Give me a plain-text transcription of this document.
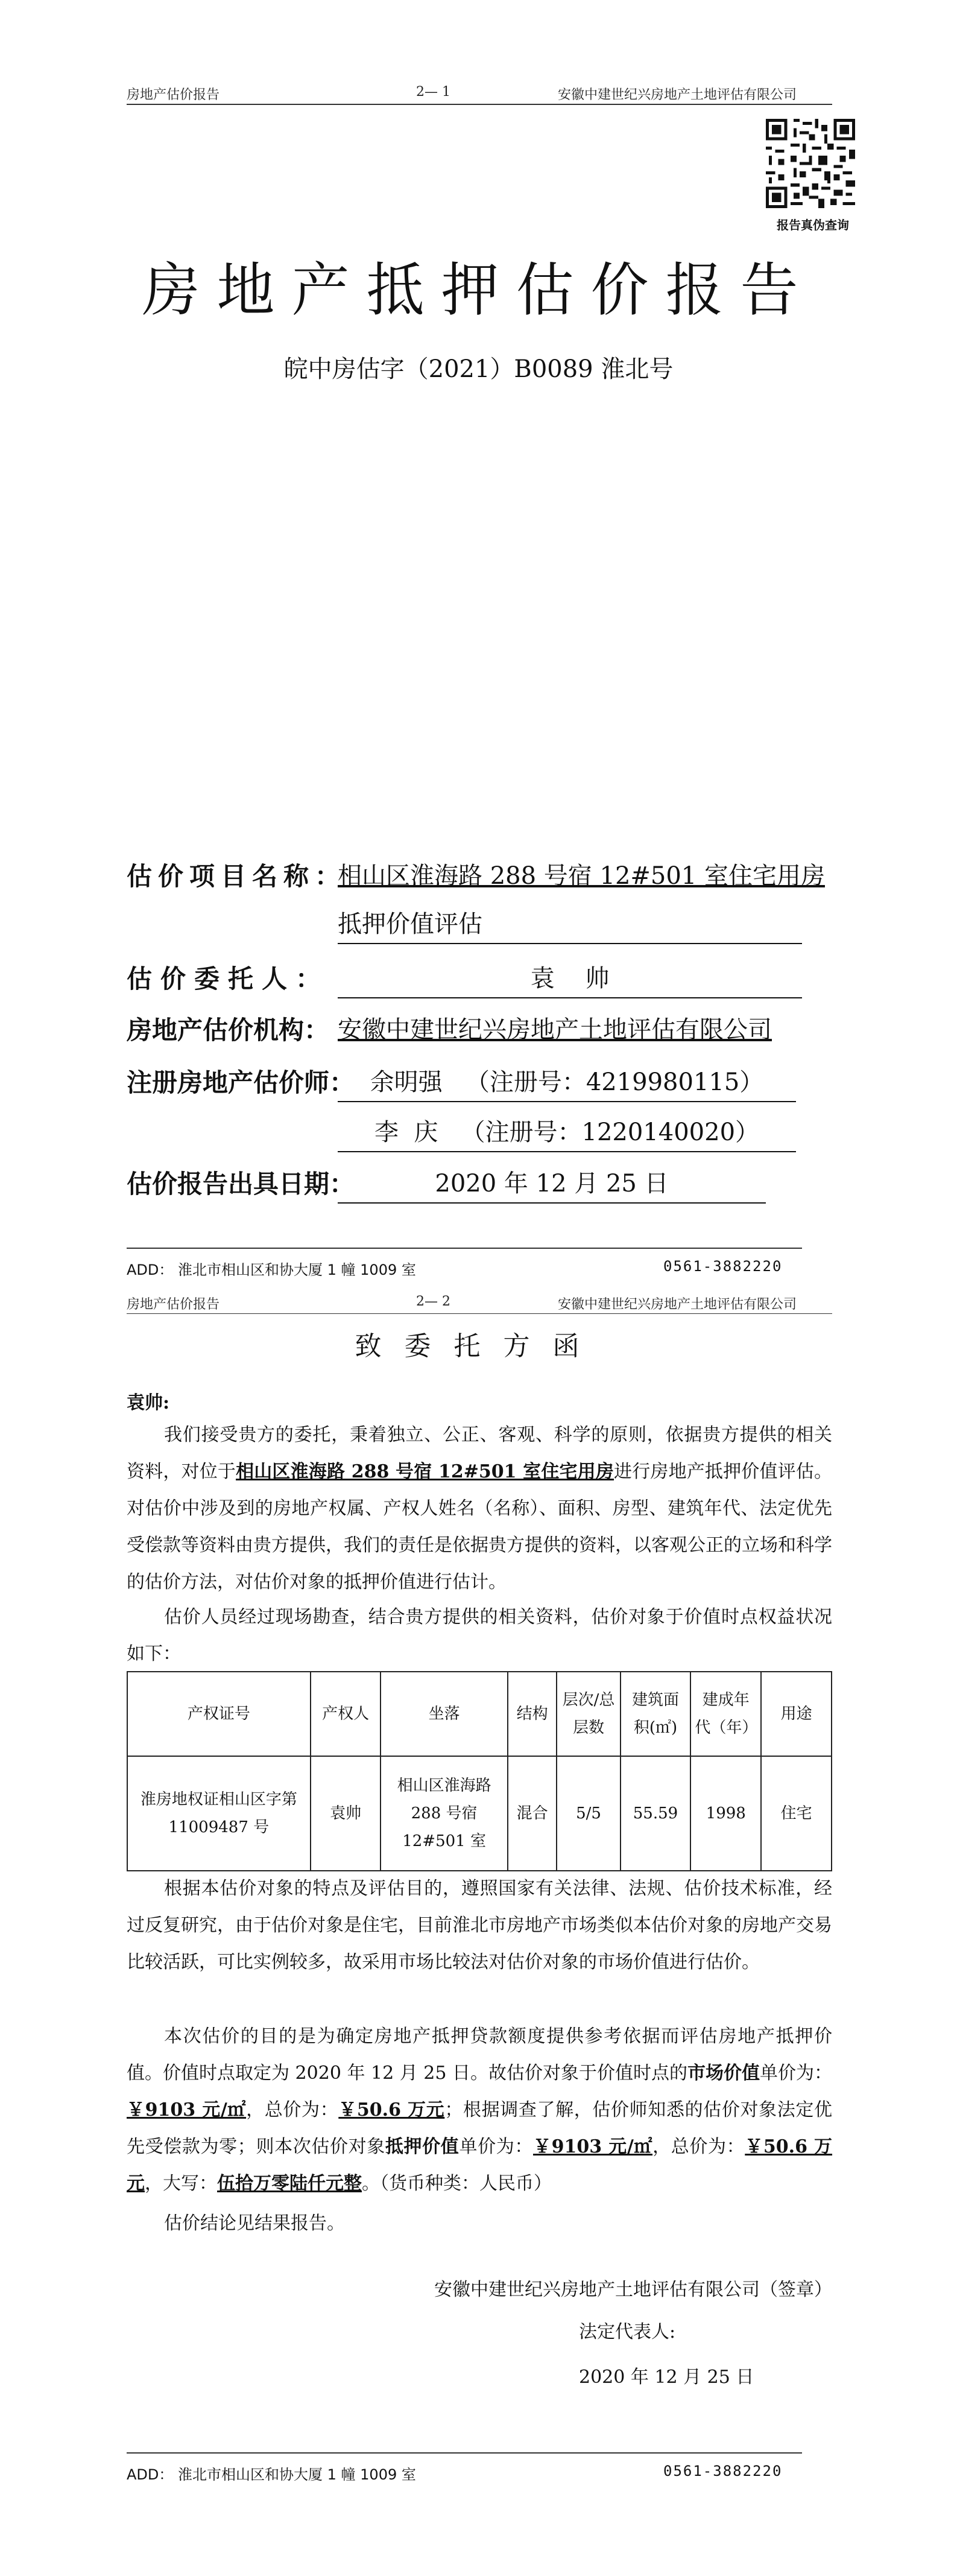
房地产估价报告	2— 1	安徽中建世纪兴房地产土地评估有限公司
报告真伪查询
房地产抵押估价报告
皖中房估字（2021）B0089 淮北号
估价项目名称：
相山区淮海路 288 号宿 12#501 室住宅用房
抵押价值评估
估价委托人：	袁    帅
房地产估价机构： 安徽中建世纪兴房地产土地评估有限公司
注册房地产估价师： 余明强   （注册号：4219980115）
李  庆   （注册号：1220140020）
估价报告出具日期：	2020 年 12 月 25 日
ADD： 淮北市相山区和协大厦 1 幢 1009 室	0561-3882220
房地产估价报告	2— 2	安徽中建世纪兴房地产土地评估有限公司
致委托方函
袁帅:

我们接受贵方的委托，秉着独立、公正、客观、科学的原则，依据贵方提供的相关资料，对位于相山区淮海路 288 号宿 12#501 室住宅用房进行房地产抵押价值评估。对估价中涉及到的房地产权属、产权人姓名（名称）、面积、房型、建筑年代、法定优先受偿款等资料由贵方提供，我们的责任是依据贵方提供的资料，以客观公正的立场和科学的估价方法，对估价对象的抵押价值进行估计。

估价人员经过现场勘查，结合贵方提供的相关资料，估价对象于价值时点权益状况如下：

产权证号	产权人	坐落	结构	层次/总层数	建筑面积(㎡)	建成年代（年）	用途
淮房地权证相山区字第 11009487 号	袁帅	相山区淮海路 288 号宿 12#501 室	混合	5/5	55.59	1998	住宅

根据本估价对象的特点及评估目的，遵照国家有关法律、法规、估价技术标准，经过反复研究，由于估价对象是住宅，目前淮北市房地产市场类似本估价对象的房地产交易比较活跃，可比实例较多，故采用市场比较法对估价对象的市场价值进行估价。

本次估价的目的是为确定房地产抵押贷款额度提供参考依据而评估房地产抵押价值。价值时点取定为 2020 年 12 月 25 日。故估价对象于价值时点的市场价值单价为：￥9103 元/㎡，总价为：￥50.6 万元；根据调查了解，估价师知悉的估价对象法定优先受偿款为零；则本次估价对象抵押价值单价为：￥9103 元/㎡，总价为：￥50.6 万元，大写：伍拾万零陆仟元整。（货币种类：人民币）

估价结论见结果报告。

安徽中建世纪兴房地产土地评估有限公司（签章）
法定代表人:
2020 年 12 月 25 日
ADD： 淮北市相山区和协大厦 1 幢 1009 室	0561-3882220
